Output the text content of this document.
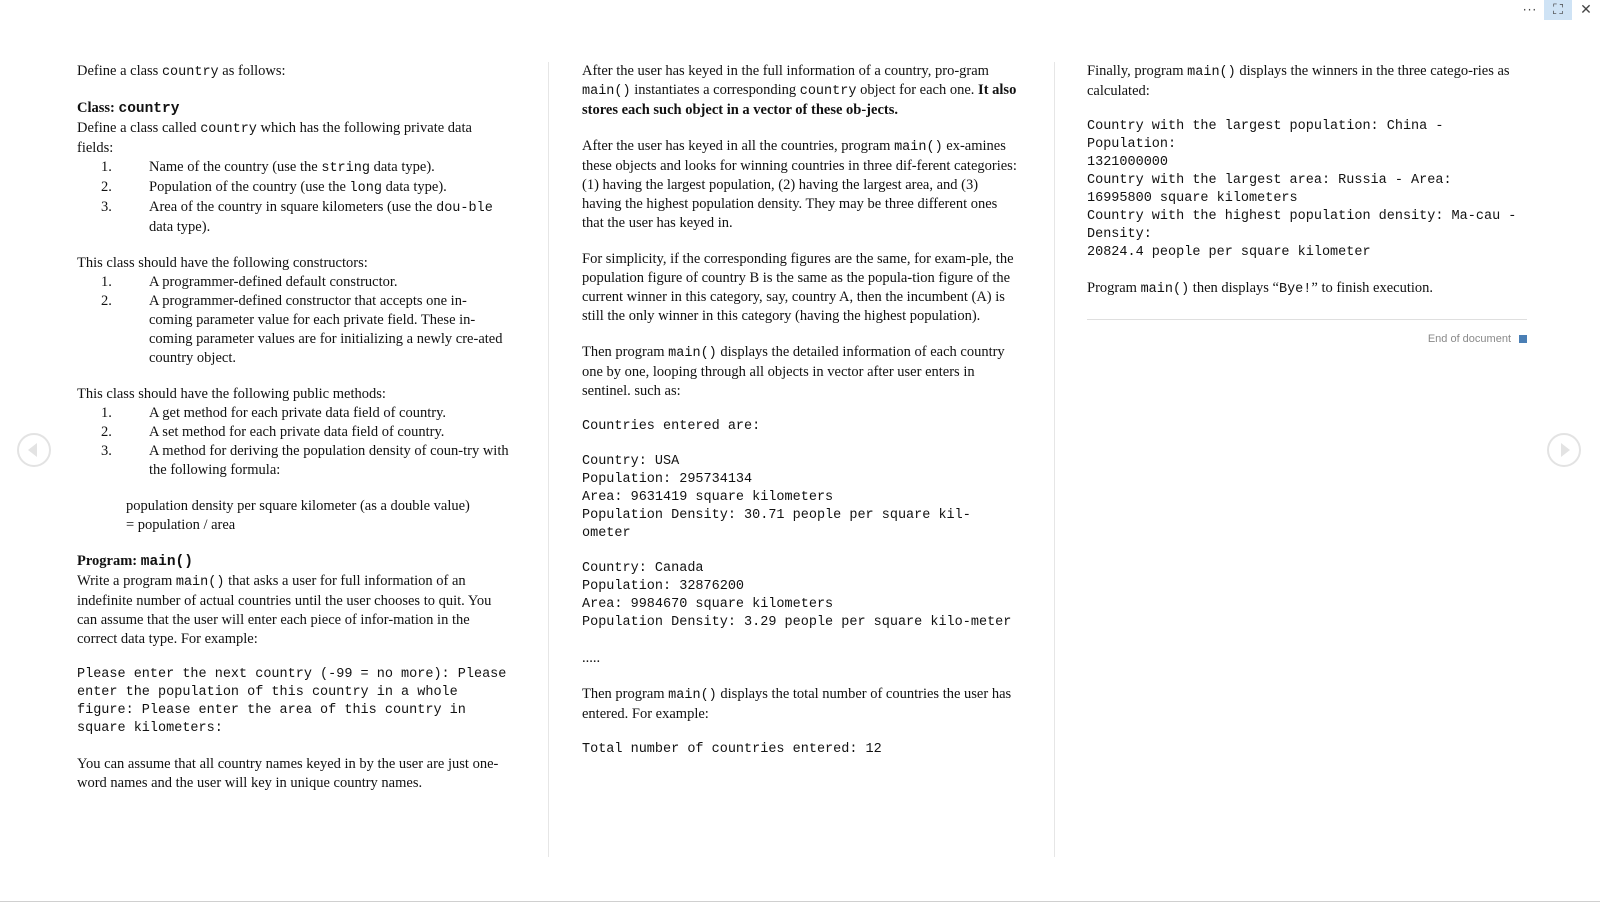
···	⛶	✕

Define a class country as follows:

Class: country

Define a class called country which has the following private data fields:

1.	Name of the country (use the string data type).
2.	Population of the country (use the long data type).
3.	Area of the country in square kilometers (use the dou-ble data type).

This class should have the following constructors:

1.	A programmer-defined default constructor.
2.	A programmer-defined constructor that accepts one in-coming parameter value for each private field. These in-coming parameter values are for initializing a newly cre-ated country object.

This class should have the following public methods:

1.	A get method for each private data field of country.
2.	A set method for each private data field of country.
3.	A method for deriving the population density of coun-try with the following formula:

population density per square kilometer (as a double value)

= population / area

Program: main()

Write a program main() that asks a user for full information of an indefinite number of actual countries until the user chooses to quit. You can assume that the user will enter each piece of infor-mation in the correct data type. For example:

Please enter the next country (-99 = no more): Please enter the population of this country in a whole figure: Please enter the area of this country in square kilometers:

You can assume that all country names keyed in by the user are just one-word names and the user will key in unique country names.

After the user has keyed in the full information of a country, pro-gram main() instantiates a corresponding country object for each one. It also stores each such object in a vector of these ob-jects.

After the user has keyed in all the countries, program main() ex-amines these objects and looks for winning countries in three dif-ferent categories: (1) having the largest population, (2) having the largest area, and (3) having the highest population density. They may be three different ones that the user has keyed in.

For simplicity, if the corresponding figures are the same, for exam-ple, the population figure of country B is the same as the popula-tion figure of the current winner in this category, say, country A, then the incumbent (A) is still the only winner in this category (having the highest population).

Then program main() displays the detailed information of each country one by one, looping through all objects in vector after user enters in sentinel. such as:

Countries entered are:
Country: USA
Population: 295734134
Area: 9631419 square kilometers
Population Density: 30.71 people per square kil-ometer
Country: Canada
Population: 32876200
Area: 9984670 square kilometers
Population Density: 3.29 people per square kilo-meter

.....

Then program main() displays the total number of countries the user has entered. For example:

Total number of countries entered: 12

Finally, program main() displays the winners in the three catego-ries as calculated:

Country with the largest population: China - Population:
1321000000
Country with the largest area: Russia - Area:
16995800 square kilometers
Country with the highest population density: Ma-cau - Density:
20824.4 people per square kilometer

Program main() then displays “Bye!” to finish execution.

End of document
